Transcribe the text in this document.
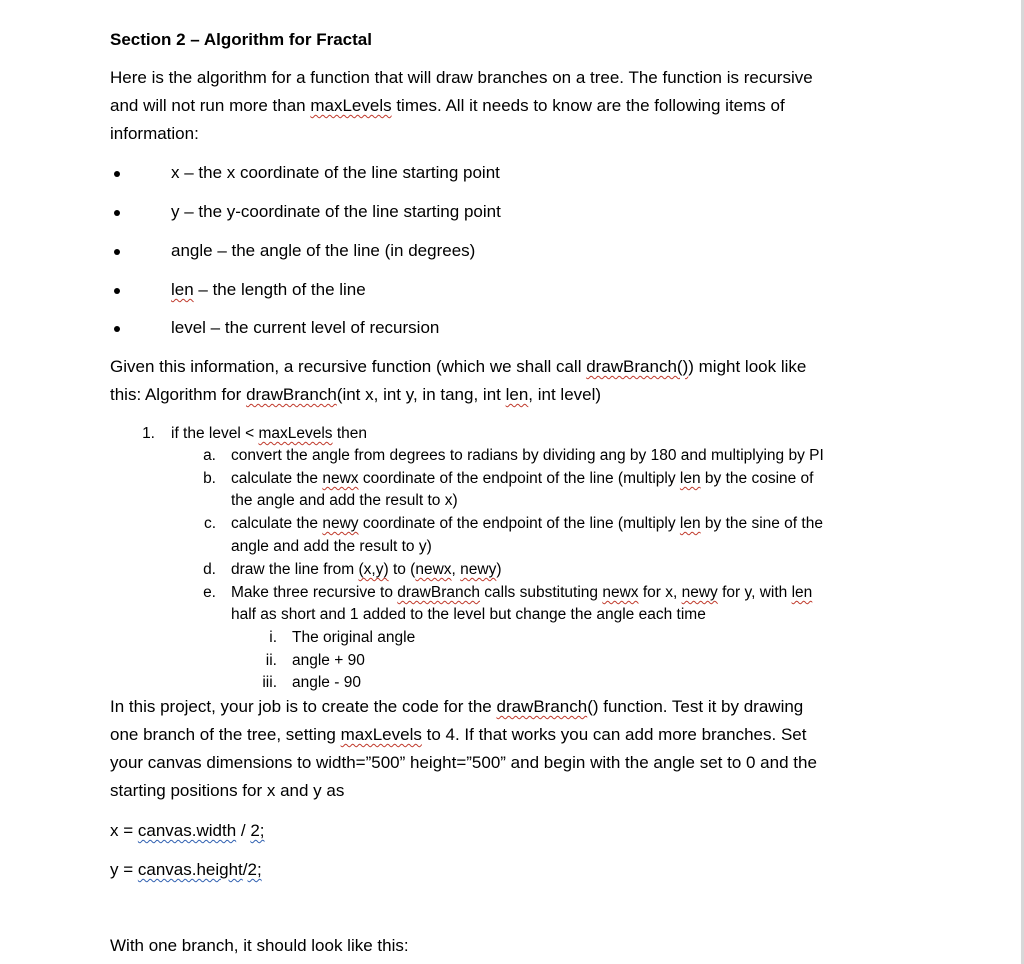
Section 2 – Algorithm for Fractal
Here is the algorithm for a function that will draw branches on a tree. The function is recursive
and will not run more than maxLevels times. All it needs to know are the following items of
information:
x – the x coordinate of the line starting point
y – the y-coordinate of the line starting point
angle – the angle of the line (in degrees)
len – the length of the line
level – the current level of recursion
Given this information, a recursive function (which we shall call drawBranch()) might look like
this: Algorithm for drawBranch(int x, int y, in tang, int len, int level)
1. if the level < maxLevels then
a. convert the angle from degrees to radians by dividing ang by 180 and multiplying by PI
b. calculate the newx coordinate of the endpoint of the line (multiply len by the cosine of
the angle and add the result to x)
c. calculate the newy coordinate of the endpoint of the line (multiply len by the sine of the
angle and add the result to y)
d. draw the line from (x,y) to (newx, newy)
e. Make three recursive to drawBranch calls substituting newx for x, newy for y, with len
half as short and 1 added to the level but change the angle each time
i. The original angle
ii. angle + 90
iii. angle - 90
In this project, your job is to create the code for the drawBranch() function. Test it by drawing
one branch of the tree, setting maxLevels to 4. If that works you can add more branches. Set
your canvas dimensions to width=”500” height=”500” and begin with the angle set to 0 and the
starting positions for x and y as
x = canvas.width / 2;
y = canvas.height/2;
With one branch, it should look like this:
